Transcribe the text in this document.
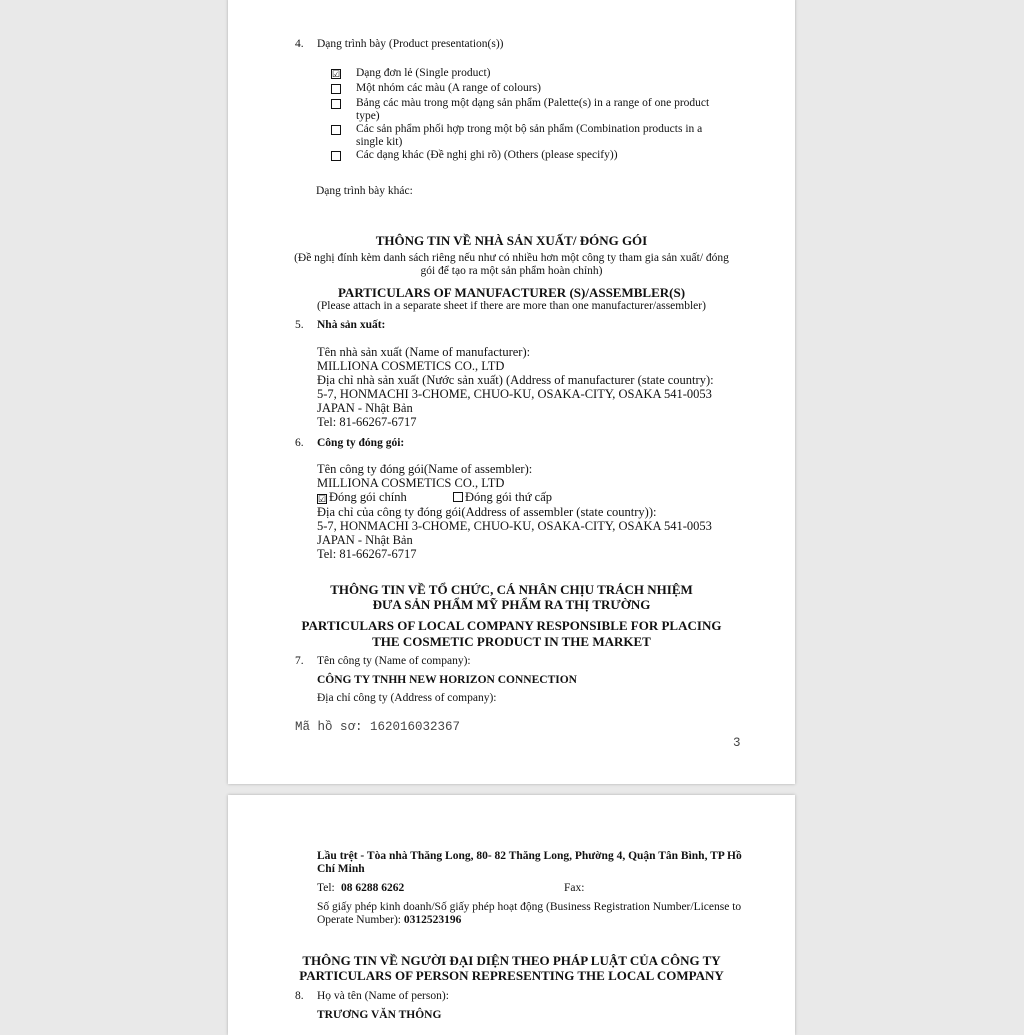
4. Dạng trình bày (Product presentation(s))
☑ Dạng đơn lẻ (Single product)
Một nhóm các màu (A range of colours)
Bảng các màu trong một dạng sản phẩm (Palette(s) in a range of one product
type)
Các sản phẩm phối hợp trong một bộ sản phẩm (Combination products in a
single kit)
Các dạng khác (Đề nghị ghi rõ) (Others (please specify))
Dạng trình bày khác:
THÔNG TIN VỀ NHÀ SẢN XUẤT/ ĐÓNG GÓI
(Đề nghị đính kèm danh sách riêng nếu như có nhiều hơn một công ty tham gia sản xuất/ đóng
gói để tạo ra một sản phẩm hoàn chỉnh)
PARTICULARS OF MANUFACTURER (S)/ASSEMBLER(S)
(Please attach in a separate sheet if there are more than one manufacturer/assembler)
5. Nhà sản xuất:
Tên nhà sản xuất (Name of manufacturer):
MILLIONA COSMETICS CO., LTD
Địa chỉ nhà sản xuất (Nước sản xuất) (Address of manufacturer (state country):
5-7, HONMACHI 3-CHOME, CHUO-KU, OSAKA-CITY, OSAKA 541-0053
JAPAN - Nhật Bản
Tel: 81-66267-6717
6. Công ty đóng gói:
Tên công ty đóng gói(Name of assembler):
MILLIONA COSMETICS CO., LTD
☑ Đóng gói chính	Đóng gói thứ cấp
Địa chỉ của công ty đóng gói(Address of assembler (state country)):
5-7, HONMACHI 3-CHOME, CHUO-KU, OSAKA-CITY, OSAKA 541-0053
JAPAN - Nhật Bản
Tel: 81-66267-6717
THÔNG TIN VỀ TỔ CHỨC, CÁ NHÂN CHỊU TRÁCH NHIỆM
ĐƯA SẢN PHẨM MỸ PHẨM RA THỊ TRƯỜNG
PARTICULARS OF LOCAL COMPANY RESPONSIBLE FOR PLACING
THE COSMETIC PRODUCT IN THE MARKET
7. Tên công ty (Name of company):
CÔNG TY TNHH NEW HORIZON CONNECTION
Địa chỉ công ty (Address of company):
Mã hồ sơ: 162016032367
3
Lầu trệt - Tòa nhà Thăng Long, 80- 82 Thăng Long, Phường 4, Quận Tân Bình, TP Hồ
Chí Minh
Tel: 08 6288 6262	Fax:
Số giấy phép kinh doanh/Số giấy phép hoạt động (Business Registration Number/License to
Operate Number): 0312523196
THÔNG TIN VỀ NGƯỜI ĐẠI DIỆN THEO PHÁP LUẬT CỦA CÔNG TY
PARTICULARS OF PERSON REPRESENTING THE LOCAL COMPANY
8. Họ và tên (Name of person):
TRƯƠNG VĂN THÔNG
